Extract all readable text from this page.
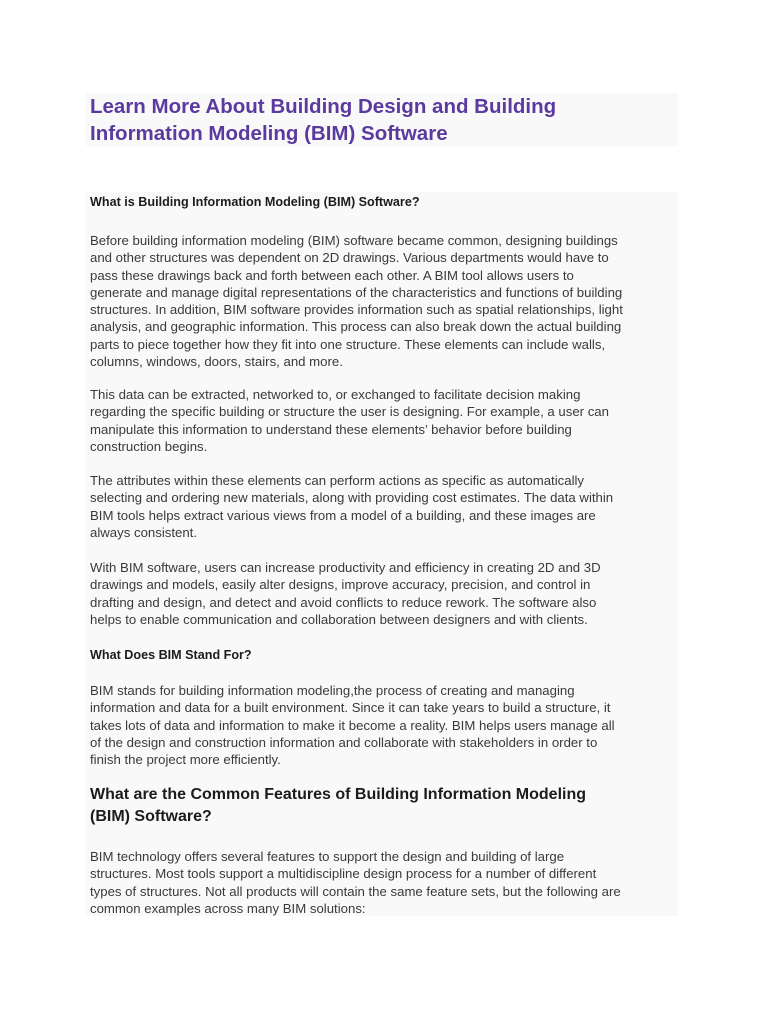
Learn More About Building Design and Building
Information Modeling (BIM) Software
What is Building Information Modeling (BIM) Software?

Before building information modeling (BIM) software became common, designing buildings
and other structures was dependent on 2D drawings. Various departments would have to
pass these drawings back and forth between each other. A BIM tool allows users to
generate and manage digital representations of the characteristics and functions of building
structures. In addition, BIM software provides information such as spatial relationships, light
analysis, and geographic information. This process can also break down the actual building
parts to piece together how they fit into one structure. These elements can include walls,
columns, windows, doors, stairs, and more.

This data can be extracted, networked to, or exchanged to facilitate decision making
regarding the specific building or structure the user is designing. For example, a user can
manipulate this information to understand these elements’ behavior before building
construction begins.

The attributes within these elements can perform actions as specific as automatically
selecting and ordering new materials, along with providing cost estimates. The data within
BIM tools helps extract various views from a model of a building, and these images are
always consistent.

With BIM software, users can increase productivity and efficiency in creating 2D and 3D
drawings and models, easily alter designs, improve accuracy, precision, and control in
drafting and design, and detect and avoid conflicts to reduce rework. The software also
helps to enable communication and collaboration between designers and with clients.

What Does BIM Stand For?

BIM stands for building information modeling,the process of creating and managing
information and data for a built environment. Since it can take years to build a structure, it
takes lots of data and information to make it become a reality. BIM helps users manage all
of the design and construction information and collaborate with stakeholders in order to
finish the project more efficiently.

What are the Common Features of Building Information Modeling
(BIM) Software?

BIM technology offers several features to support the design and building of large
structures. Most tools support a multidiscipline design process for a number of different
types of structures. Not all products will contain the same feature sets, but the following are
common examples across many BIM solutions:
